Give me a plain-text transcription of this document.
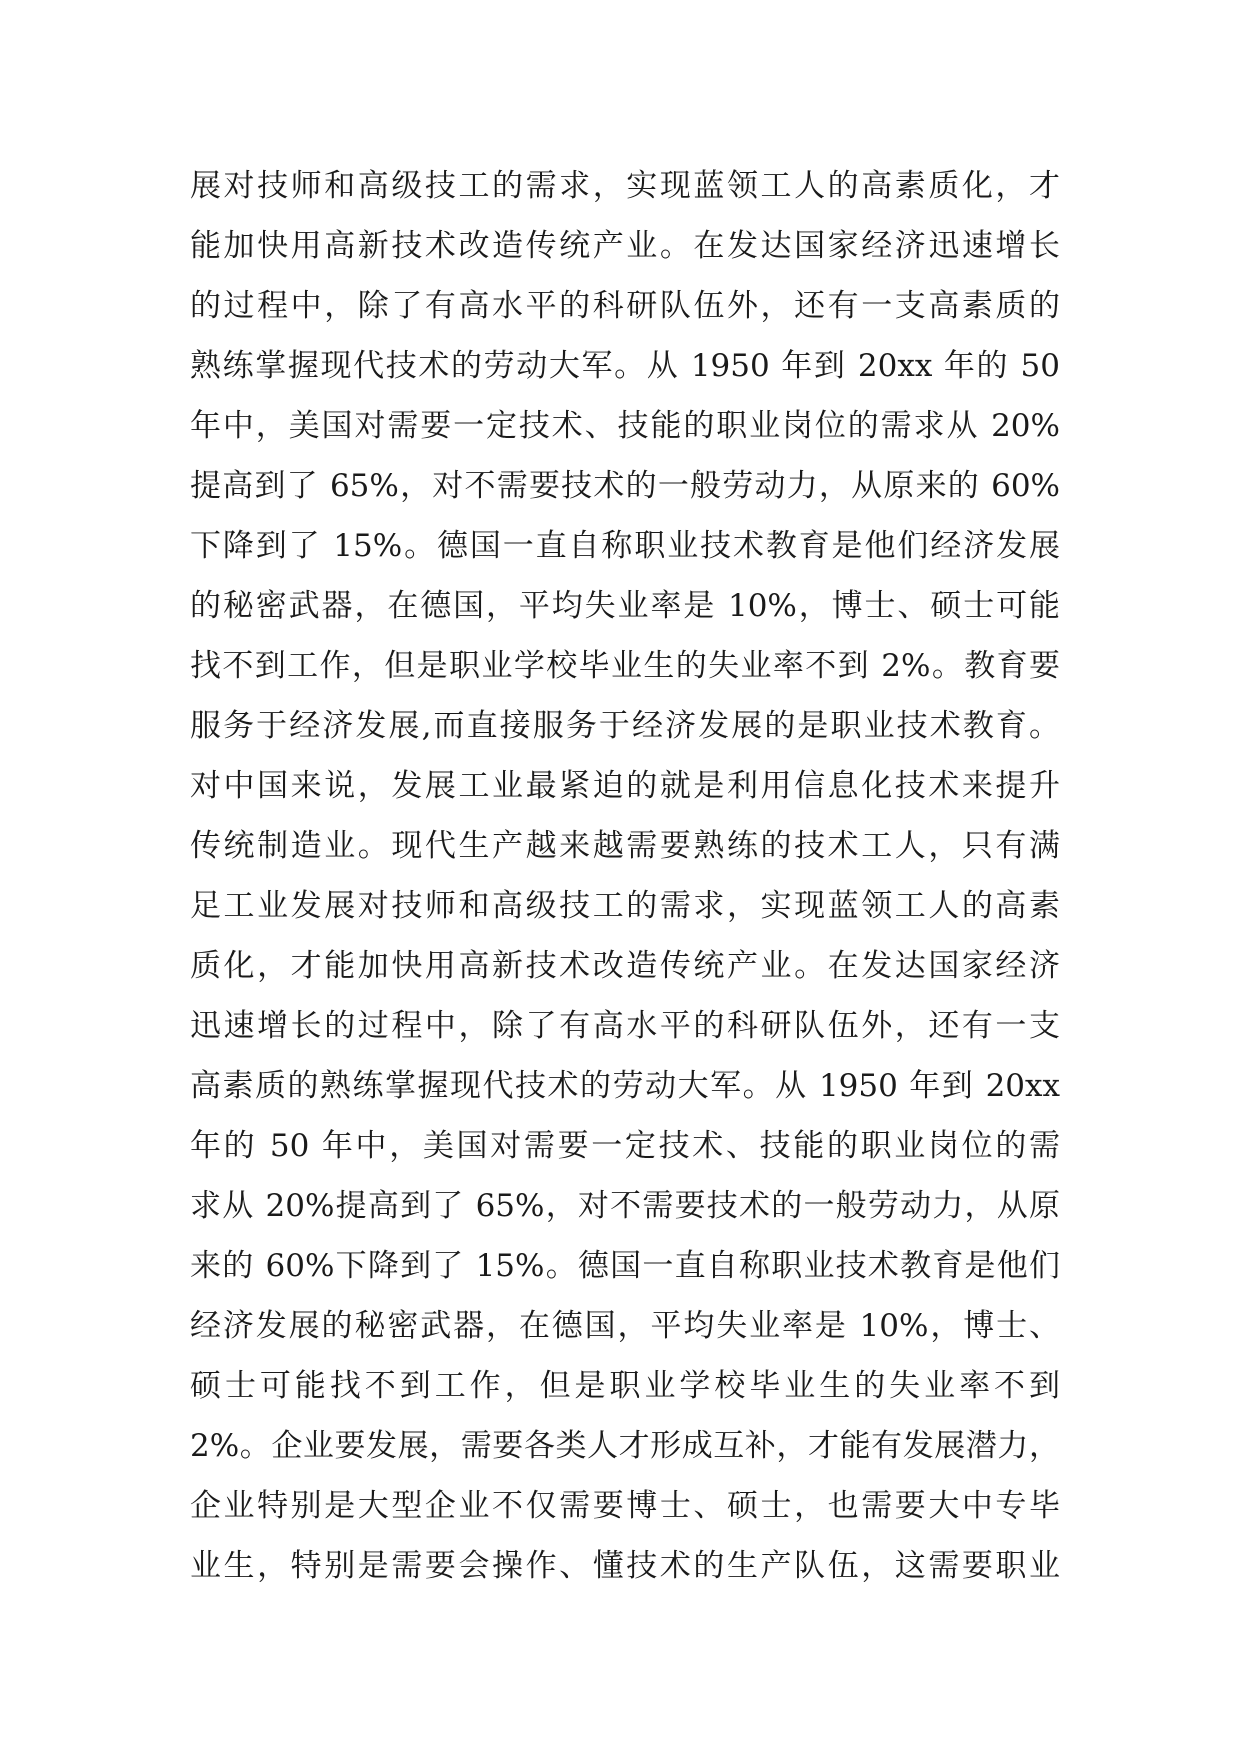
展对技师和高级技工的需求，实现蓝领工人的高素质化，才
能加快用高新技术改造传统产业。在发达国家经济迅速增长
的过程中，除了有高水平的科研队伍外，还有一支高素质的
熟练掌握现代技术的劳动大军。从 1950 年到 20xx 年的 50
年中，美国对需要一定技术、技能的职业岗位的需求从 20%
提高到了 65%，对不需要技术的一般劳动力，从原来的 60%
下降到了 15%。德国一直自称职业技术教育是他们经济发展
的秘密武器，在德国，平均失业率是 10%，博士、硕士可能
找不到工作，但是职业学校毕业生的失业率不到 2%。教育要
服务于经济发展,而直接服务于经济发展的是职业技术教育。
对中国来说，发展工业最紧迫的就是利用信息化技术来提升
传统制造业。现代生产越来越需要熟练的技术工人，只有满
足工业发展对技师和高级技工的需求，实现蓝领工人的高素
质化，才能加快用高新技术改造传统产业。在发达国家经济
迅速增长的过程中，除了有高水平的科研队伍外，还有一支
高素质的熟练掌握现代技术的劳动大军。从 1950 年到 20xx
年的 50 年中，美国对需要一定技术、技能的职业岗位的需
求从 20%提高到了 65%，对不需要技术的一般劳动力，从原
来的 60%下降到了 15%。德国一直自称职业技术教育是他们
经济发展的秘密武器，在德国，平均失业率是 10%，博士、
硕士可能找不到工作，但是职业学校毕业生的失业率不到
2%。企业要发展，需要各类人才形成互补，才能有发展潜力，
企业特别是大型企业不仅需要博士、硕士，也需要大中专毕
业生，特别是需要会操作、懂技术的生产队伍，这需要职业
